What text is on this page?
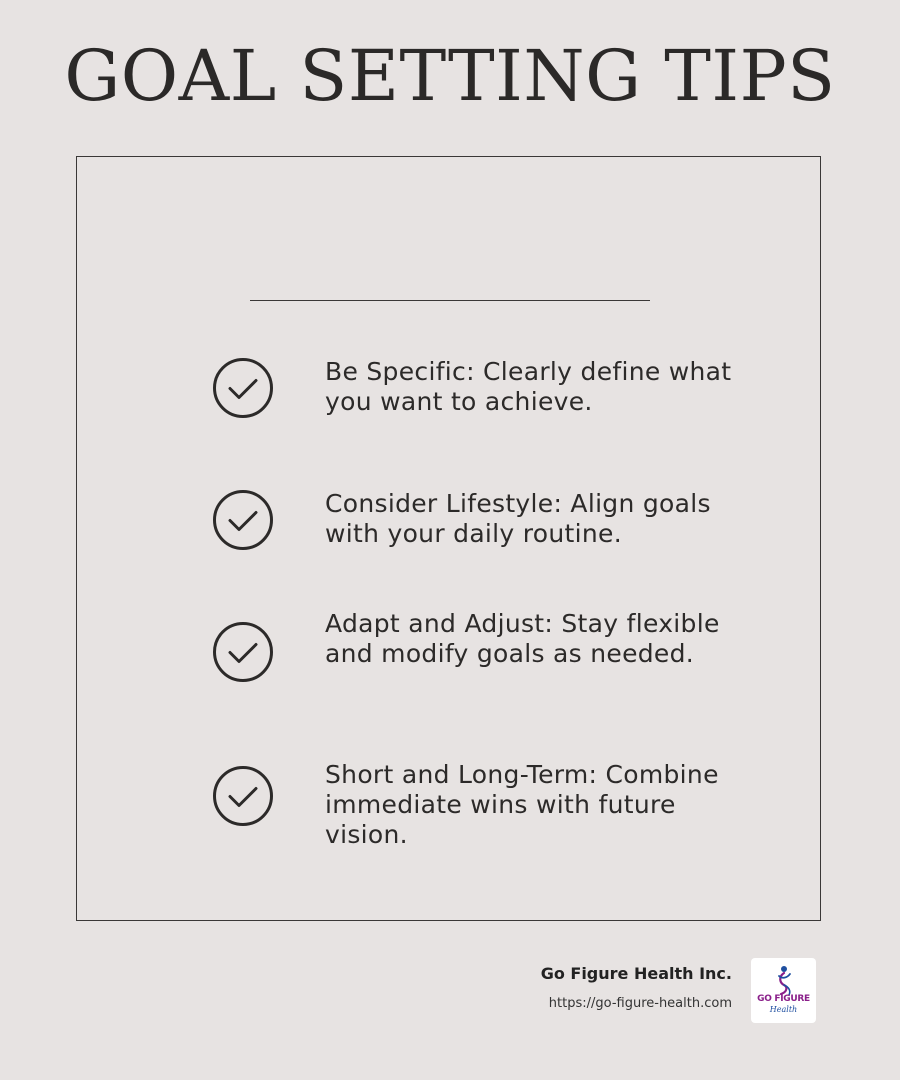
GOAL SETTING TIPS
Be Specific: Clearly define what you want to achieve.
Consider Lifestyle: Align goals with your daily routine.
Adapt and Adjust: Stay flexible and modify goals as needed.
Short and Long-Term: Combine immediate wins with future vision.
Go Figure Health Inc.
https://go-figure-health.com	GO FIGURE
Health
